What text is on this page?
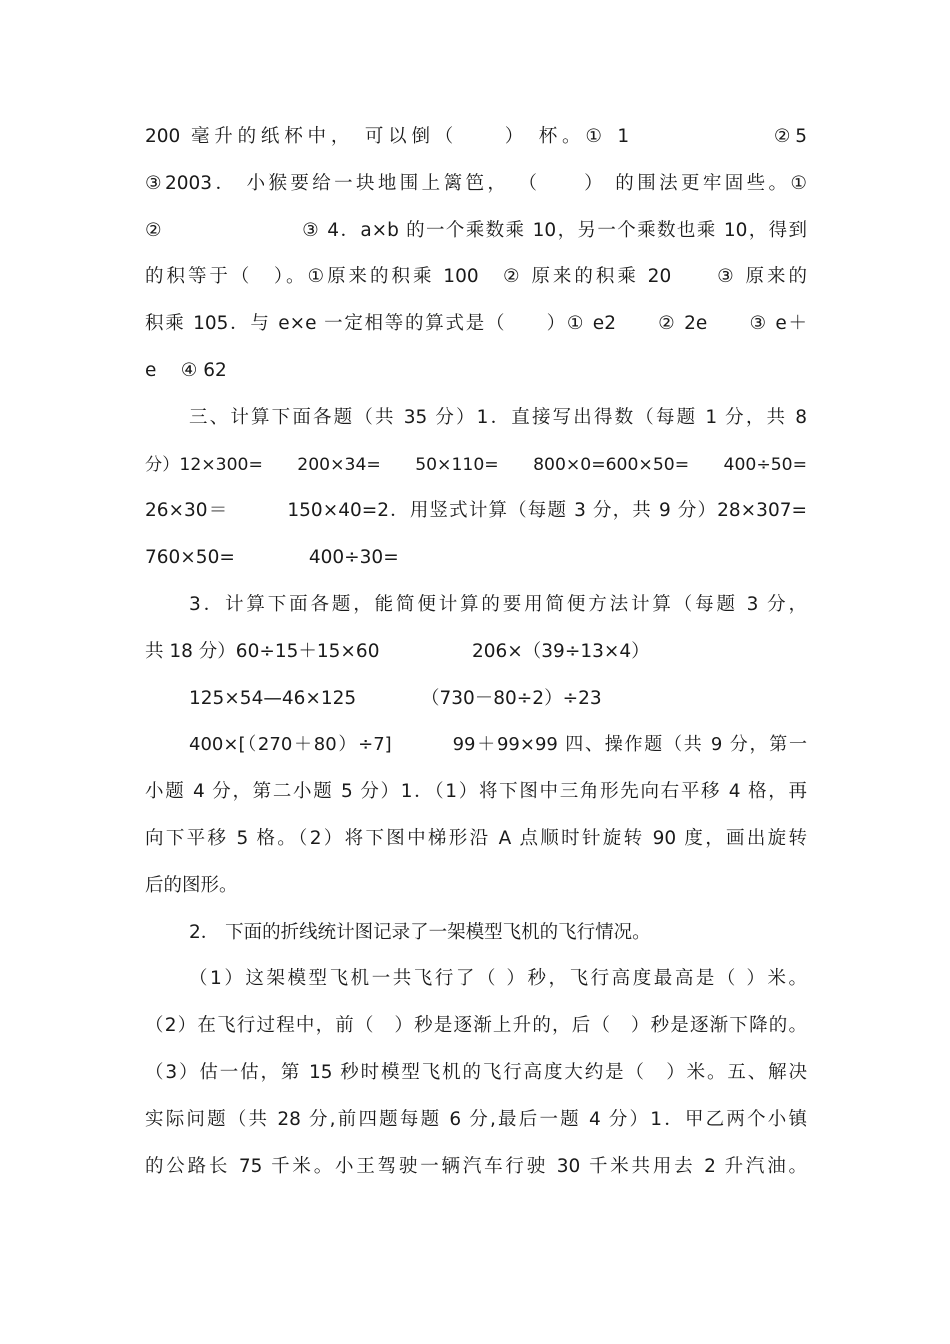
200 毫升的纸杯中， 可以倒（　　） 杯。① 1　　　　　　②5
③2003． 小猴要给一块地围上篱笆， （　　） 的围法更牢固些。①
②　　　　　　　③ 4．a×b 的一个乘数乘 10，另一个乘数也乘 10，得到
的积等于（　）。①原来的积乘 100　② 原来的积乘 20　　③ 原来的
积乘 105．与 e×e 一定相等的算式是（　　）① e2　　② 2e　　③ e＋
e　 ④ 62

三、计算下面各题（共 35 分）1．直接写出得数（每题 1 分，共 8
分）12×300=　　200×34=　　50×110=　　800×0=600×50=　　400÷50=
26×30＝　　　150×40=2．用竖式计算（每题 3 分，共 9 分）28×307=
760×50=　　　　400÷30=

3．计算下面各题，能简便计算的要用简便方法计算（每题 3 分，
共 18 分）60÷15＋15×60　　　　　206×（39÷13×4）

125×54—46×125　　　　（730－80÷2）÷23

400×[（270＋80）÷7]　　　99＋99×99 四、操作题（共 9 分，第一
小题 4 分，第二小题 5 分）1．（1）将下图中三角形先向右平移 4 格，再
向下平移 5 格。（2）将下图中梯形沿 A 点顺时针旋转 90 度，画出旋转
后的图形。

2． 下面的折线统计图记录了一架模型飞机的飞行情况。

（1）这架模型飞机一共飞行了（ ）秒，飞行高度最高是（ ）米。
（2）在飞行过程中，前（　）秒是逐渐上升的，后（　）秒是逐渐下降的。
（3）估一估，第 15 秒时模型飞机的飞行高度大约是（　）米。五、解决
实际问题（共 28 分,前四题每题 6 分,最后一题 4 分）1．甲乙两个小镇
的公路长 75 千米。小王驾驶一辆汽车行驶 30 千米共用去 2 升汽油。
